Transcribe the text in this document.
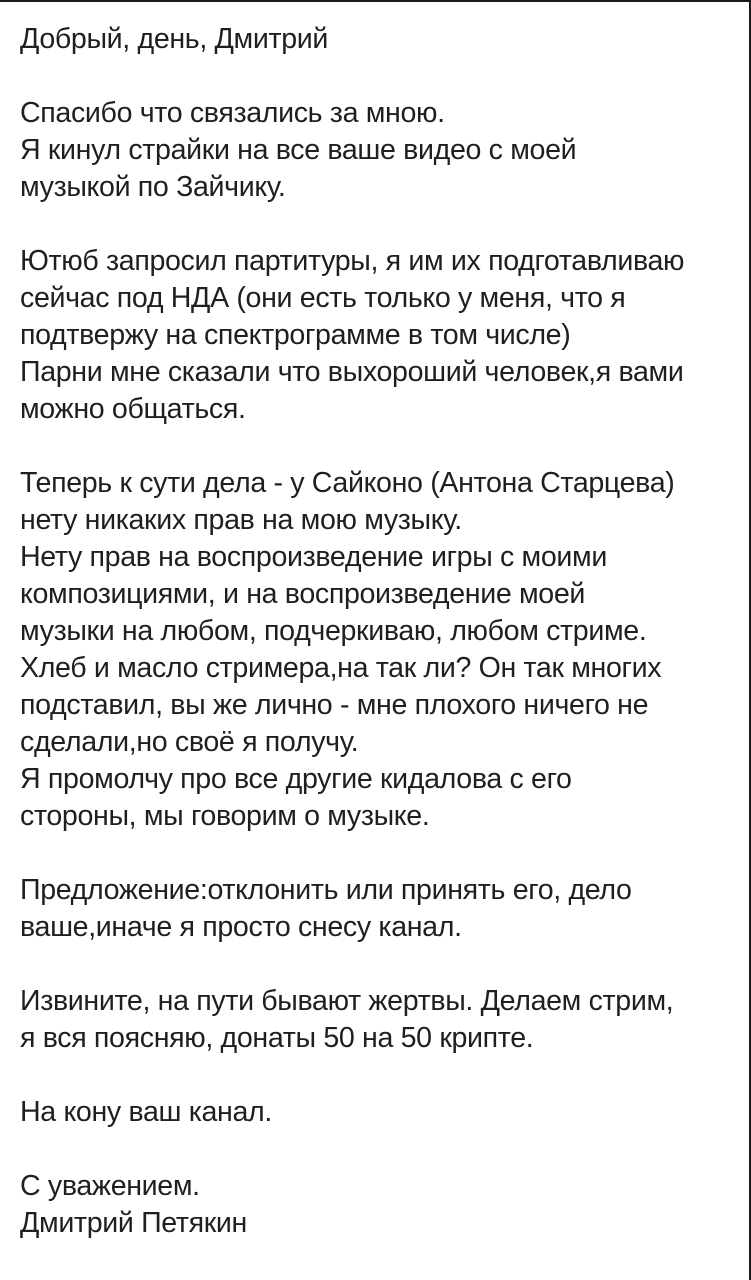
Добрый, день, Дмитрий
Спасибо что связались за мною.
Я кинул страйки на все ваше видео с моей
музыкой по Зайчику.
Ютюб запросил партитуры, я им их подготавливаю
сейчас под НДА (они есть только у меня, что я
подтвержу на спектрограмме в том числе)
Парни мне сказали что выхороший человек,я вами
можно общаться.
Теперь к сути дела - у Сайконо (Антона Старцева)
нету никаких прав на мою музыку.
Нету прав на воспроизведение игры с моими
композициями, и на воспроизведение моей
музыки на любом, подчеркиваю, любом стриме.
Хлеб и масло стримера,на так ли? Он так многих
подставил, вы же лично - мне плохого ничего не
сделали,но своё я получу.
Я промолчу про все другие кидалова с его
стороны, мы говорим о музыке.
Предложение:отклонить или принять его, дело
ваше,иначе я просто снесу канал.
Извините, на пути бывают жертвы. Делаем стрим,
я вся поясняю, донаты 50 на 50 крипте.
На кону ваш канал.
С уважением.
Дмитрий Петякин
